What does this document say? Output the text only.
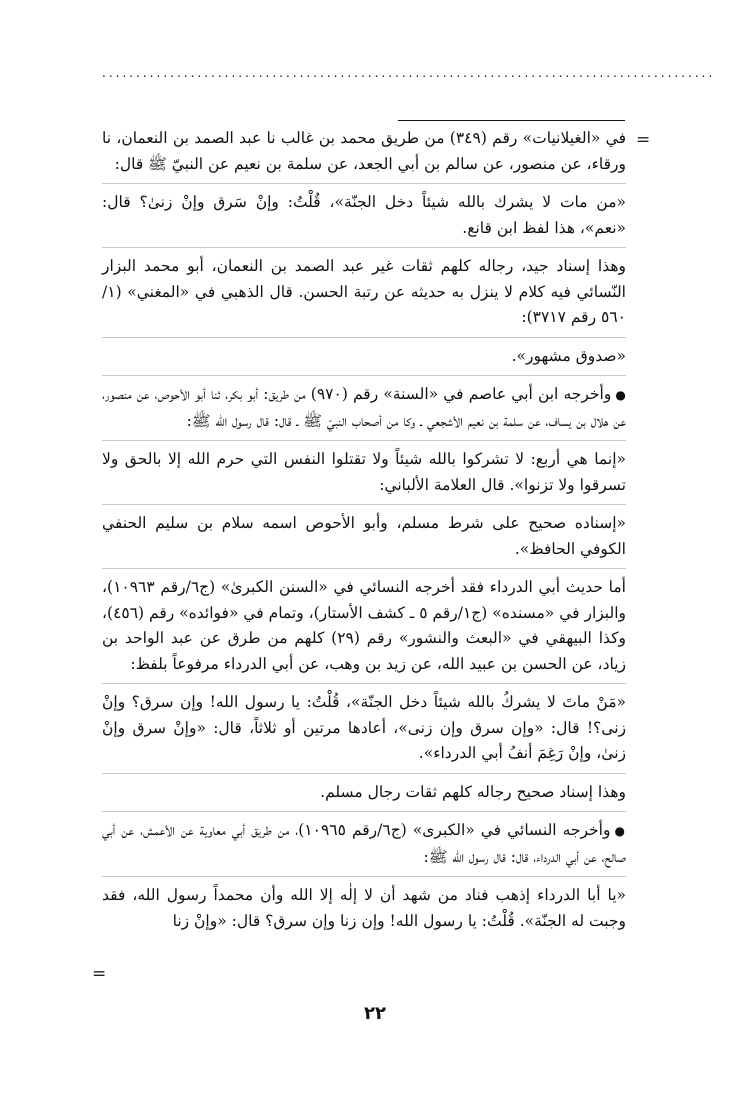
..........................................................................................
=

في «الغيلانيات» رقم (٣٤٩) من طريق محمد بن غالب نا عبد الصمد بن النعمان، نا ورقاء، عن منصور، عن سالم بن أبي الجعد، عن سلمة بن نعيم عن النبيّ ﷺ قال:

«من مات لا يشرك بالله شيئاً دخل الجنّة»، قُلْتُ: وإنْ سَرق وإنْ زنىٰ؟ قال: «نعم»، هذا لفظ ابن قانع.

وهذا إسناد جيد، رجاله كلهم ثقات غير عبد الصمد بن النعمان، أبو محمد البزار النّسائي فيه كلام لا ينزل به حديثه عن رتبة الحسن. قال الذهبي في «المغني» (١/ ٥٦٠ رقم ٣٧١٧):

«صدوق مشهور».

●وأخرجه ابن أبي عاصم في «السنة» رقم (٩٧٠) من طريق: أبو بكر، ثنا أبو الأحوص، عن منصور، عن هلال بن يساف، عن سلمة بن نعيم الأشجعي ـ وكا من أصحاب النبيّ ﷺ ـ قال: قال رسول الله ﷺ:

«إنما هي أربع: لا تشركوا بالله شيئاً ولا تقتلوا النفس التي حرم الله إلا بالحق ولا تسرقوا ولا تزنوا». قال العلامة الألباني:

«إسناده صحيح على شرط مسلم، وأبو الأحوص اسمه سلام بن سليم الحنفي الكوفي الحافظ».

أما حديث أبي الدرداء فقد أخرجه النسائي في «السنن الكبرىٰ» (ج٦/رقم ١٠٩٦٣)، والبزار في «مسنده» (ج١/رقم ٥ ـ كشف الأستار)، وتمام في «فوائده» رقم (٤٥٦)، وكذا البيهقي في «البعث والنشور» رقم (٢٩) كلهم من طرق عن عبد الواحد بن زياد، عن الحسن بن عبيد الله، عن زيد بن وهب، عن أبي الدرداء مرفوعاً بلفظ:

«مَنْ ماتَ لا يشركُ بالله شيئاً دخل الجنّة»، قُلْتُ: يا رسول الله! وإن سرق؟ وإنْ زنى؟! قال: «وإن سرق وإن زنى»، أعادها مرتين أو ثلاثاً، قال: «وإنْ سرق وإنْ زنىٰ، وإنْ رَغِمَ أنفُ أبي الدرداء».

وهذا إسناد صحيح رجاله كلهم ثقات رجال مسلم.

●وأخرجه النسائي في «الكبرى» (ج٦/رقم ١٠٩٦٥)، من طريق أبي معاوية عن الأعمش، عن أبي صالح، عن أبي الدرداء، قال: قال رسول الله ﷺ:

«يا أبا الدرداء إذهب فناد من شهد أن لا إلٰه إلا الله وأن محمداً رسول الله، فقد وجبت له الجنّة». قُلْتُ: يا رسول الله! وإن زنا وإن سرق؟ قال: «وإنْ زنا

=
٢٢
